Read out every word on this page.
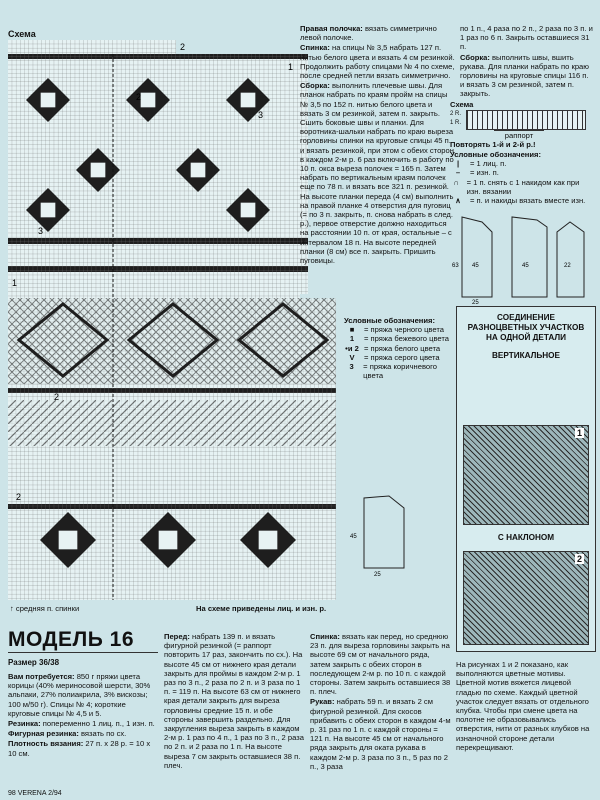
Схема
2
2
3
3
2
1
2
1
↑ средняя п. спинки	На схеме приведены лиц. и изн. р.

Условные обозначения:

■	= пряжа черного цвета
1	= пряжа бежевого цвета
•и 2 = пряжа белого цвета
V	= пряжа серого цвета
3	= пряжа коричневого цвета

Правая полочка: вязать симметрично левой полочке.

Спинка: на спицы № 3,5 набрать 127 п. нитью белого цвета и вязать 4 см резинкой. Продолжить работу спицами № 4 по схеме, после средней петли вязать симметрично.

Сборка: выполнить плечевые швы. Для планок набрать по краям пройм на спицы № 3,5 по 152 п. нитью белого цвета и вязать 3 см резинкой, затем п. закрыть. Сшить боковые швы и планки. Для воротника-шальки набрать по краю выреза горловины спинки на круговые спицы 45 п. и вязать резинкой, при этом с обеих сторон в каждом 2-м р. 6 раз включить в работу по 10 п. окса выреза полочек = 165 п. Затем набрать по вертикальным краям полочек еще по 78 п. и вязать все 321 п. резинкой. На высоте планки переда (4 см) выполнить на правой планке 4 отверстия для пуговиц (= по 3 п. закрыть, п. снова набрать в след. р.), первое отверстие должно находиться на расстоянии 10 п. от края, остальные – с интервалом 18 п. На высоте передней планки (8 см) все п. закрыть. Пришить пуговицы.

по 1 п., 4 раза по 2 п., 2 раза по 3 п. и 1 раз по 6 п. Закрыть оставшиеся 31 п.

Сборка: выполнить швы, вшить рукава. Для планки набрать по краю горловины на круговые спицы 116 п. и вязать 3 см резинкой, затем п. закрыть.

Схема

2 R.
1 R.
раппорт

Повторять 1-й и 2-й р.!

Условные обозначения:

|	= 1 лиц. п.
–	= изн. п.
∩ = 1 п. снять с 1 накидом как при изн. вязании
∧	= п. и накиды вязать вместе изн.
63 45	45
25
22
45
25

СОЕДИНЕНИЕ РАЗНОЦВЕТНЫХ УЧАСТКОВ НА ОДНОЙ ДЕТАЛИ

ВЕРТИКАЛЬНОЕ

1

С НАКЛОНОМ

2
МОДЕЛЬ 16

Размер 36/38

Вам потребуется: 850 г пряжи цвета корицы (40% мериносовой шерсти, 30% альпаки, 27% полиакрила, 3% вискозы; 100 м/50 г). Спицы № 4; короткие круговые спицы № 4,5 и 5.

Резинка: попеременно 1 лиц. п., 1 изн. п.

Фигурная резинка: вязать по сх.

Плотность вязания: 27 п. x 28 р. = 10 x 10 см.

Перед: набрать 139 п. и вязать фигурной резинкой (= раппорт повторить 17 раз, закончить по сх.). На высоте 45 см от нижнего края детали закрыть для проймы в каждом 2-м р. 1 раз по 3 п., 2 раза по 2 п. и 3 раза по 1 п. = 119 п. На высоте 63 см от нижнего края детали закрыть для выреза горловины средние 15 п. и обе стороны завершить раздельно. Для закругления выреза закрыть в каждом 2-м р. 1 раз по 4 п., 1 раз по 3 п., 2 раза по 2 п. и 2 раза по 1 п. На высоте выреза 7 см закрыть оставшиеся 38 п. плеч.

Спинка: вязать как перед, но среднюю 23 п. для выреза горловины закрыть на высоте 69 см от начального ряда, затем закрыть с обеих сторон в последующем 2-м р. по 10 п. с каждой стороны. Затем закрыть оставшиеся 38 п. плеч.

Рукав: набрать 59 п. и вязать 2 см фигурной резинкой. Для скосов прибавить с обеих сторон в каждом 4-м р. 31 раз по 1 п. с каждой стороны = 121 п. На высоте 45 см от начального ряда закрыть для оката рукава в каждом 2-м р. 3 раза по 3 п., 5 раз по 2 п., 3 раза

На рисунках 1 и 2 показано, как выполняются цветные мотивы. Цветной мотив вяжется лицевой гладью по схеме. Каждый цветной участок следует вязать от отдельного клубка. Чтобы при смене цвета на полотне не образовывались отверстия, нити от разных клубков на изнаночной стороне детали перекрещивают.
98 VERENA 2/94
